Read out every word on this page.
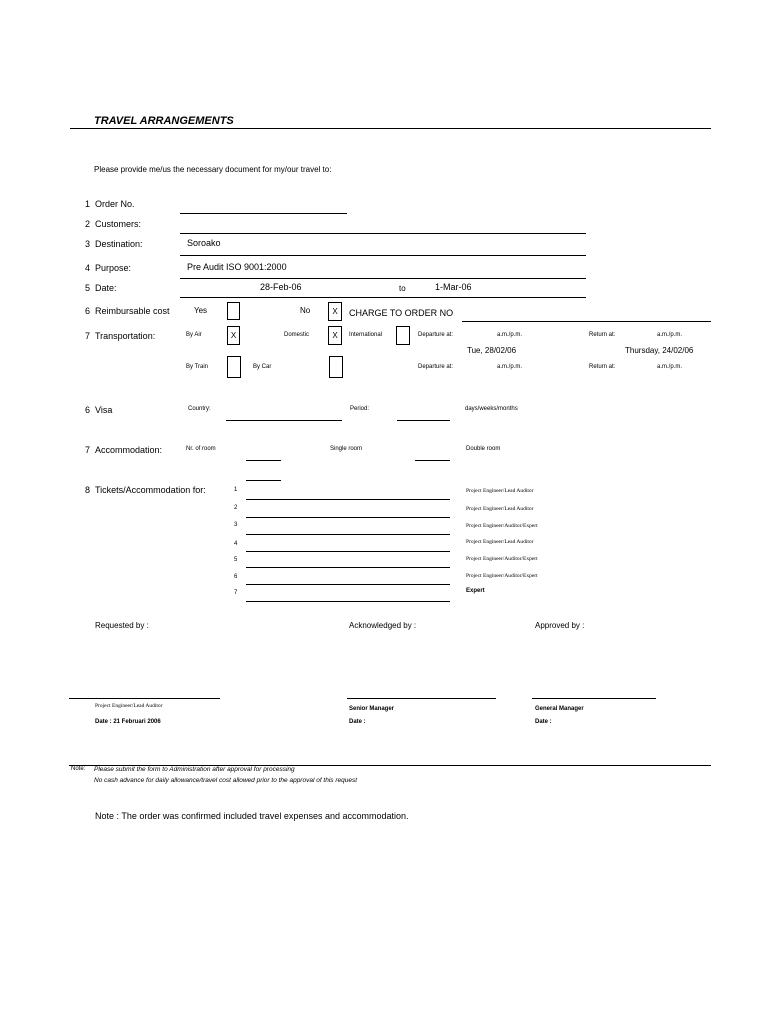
TRAVEL ARRANGEMENTS
Please provide me/us the necessary document for my/our travel to:
1 Order No.
2 Customers:
3 Destination:	Soroako
4 Purpose:	Pre Audit ISO 9001:2000
5 Date:	28-Feb-06	to	1-Mar-06
6 Reimbursable cost	Yes	No	X	CHARGE TO ORDER NO
7 Transportation:	By Air	X	Domestic	X	International	Departure at:	a.m./p.m.	Return at:	a.m./p.m.
Tue, 28/02/06	Thursday, 24/02/06
By Train	By Car	Departure at:	a.m./p.m.	Return at:	a.m./p.m.
6 Visa	Country:	Period:	days/weeks/months
7 Accommodation:	Nr. of room	Single room	Double room
8 Tickets/Accommodation for:	1	Project Engineer/Lead Auditor
2	Project Engineer/Lead Auditor
3	Project Engineer/Auditor/Expert
4	Project Engineer/Lead Auditor
5	Project Engineer/Auditor/Expert
6	Project Engineer/Auditor/Expert
7	Expert
Requested by :	Acknowledged by :	Approved by :
Project Engineer/Lead Auditor	Senior Manager	General Manager
Date : 21 Februari 2006	Date :	Date :
Note: Please submit the form to Administration after approval for processing
No cash advance for daily allowance/travel cost allowed prior to the approval of this request
Note : The order was confirmed included travel expenses and accommodation.
